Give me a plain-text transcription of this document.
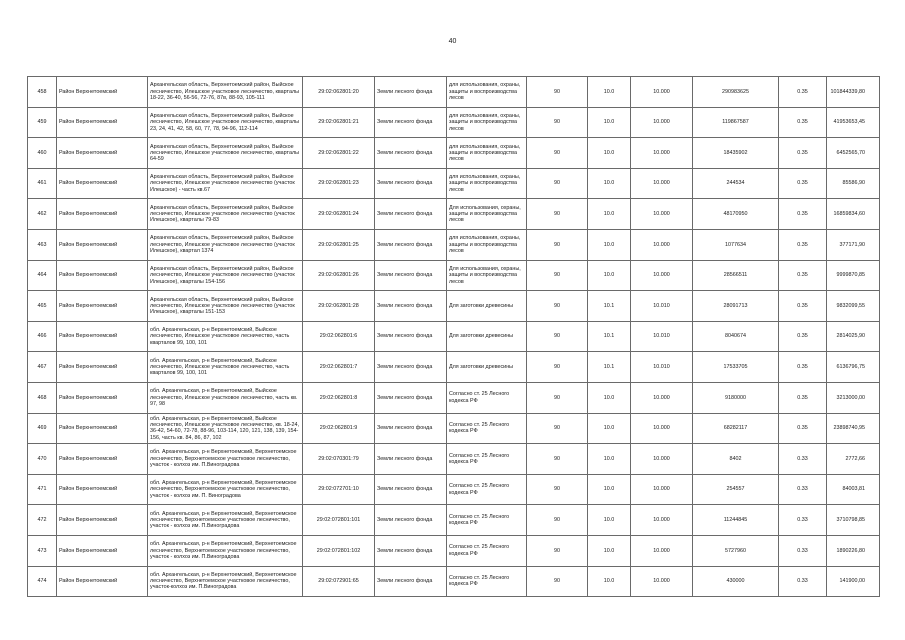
40
458	Район Верхнетоемский	Архангельская область, Верхнетоемский район, Выйское лесничество, Илешское участковое лесничество, кварталы 18-22, 36-40, 56-56, 72-76, 87в, 88-93, 105-111	29:02:062801:20	Земли лесного фонда	для использования, охраны, защиты и воспроизводства лесов	90	10.0	10.000	290983625	0.35	101844339,80
459	Район Верхнетоемский	Архангельская область, Верхнетоемский район, Выйское лесничество, Илешское участковое лесничество, кварталы 23, 24, 41, 42, 58, 60, 77, 78, 94-96, 112-114	29:02:062801:21	Земли лесного фонда	для использования, охраны, защиты и воспроизводства лесов	90	10.0	10.000	119867587	0.35	41953653,45
460	Район Верхнетоемский	Архангельская область, Верхнетоемский район, Выйское лесничество, Илешское участковое лесничество, кварталы 64-59	29:02:062801:22	Земли лесного фонда	для использования, охраны, защиты и воспроизводства лесов	90	10.0	10.000	18435902	0.35	6452565,70
461	Район Верхнетоемский	Архангельская область, Верхнетоемский район, Выйское лесничество, Илешское участковое лесничество (участок Илешское) - часть кв.67	29:02:062801:23	Земли лесного фонда	для использования, охраны, защиты и воспроизводства лесов	90	10.0	10.000	244534	0.35	85586,90
462	Район Верхнетоемский	Архангельская область, Верхнетоемский район, Выйское лесничество, Илешское участковое лесничество (участок Илешское), кварталы 79-83	29:02:062801:24	Земли лесного фонда	Для использования, охраны, защиты и воспроизводства лесов	90	10.0	10.000	48170950	0.35	16859834,60
463	Район Верхнетоемский	Архангельская область, Верхнетоемский район, Выйское лесничество, Илешское участковое лесничество (участок Илешское), квартал 1374	29:02:062801:25	Земли лесного фонда	для использования, охраны, защиты и воспроизводства лесов	90	10.0	10.000	1077634	0.35	377171,90
464	Район Верхнетоемский	Архангельская область, Верхнетоемский район, Выйское лесничество, Илешское участковое лесничество (участок Илешское), кварталы 154-156	29:02:062801:26	Земли лесного фонда	Для использования, охраны, защиты и воспроизводства лесов	90	10.0	10.000	28566511	0.35	9999870,85
465	Район Верхнетоемский	Архангельская область, Верхнетоемский район, Выйское лесничество, Илешское участковое лесничество (участок Илешское), кварталы 151-153	29:02:062801:28	Земли лесного фонда	Для заготовки древесины	90	10.1	10.010	28091713	0.35	9832099,55
466	Район Верхнетоемский	обл. Архангельская, р-н Верхнетоемский, Выйское лесничество, Илешское участковое лесничество, часть кварталов 99, 100, 101	29:02:062801:6	Земли лесного фонда	Для заготовки древесины	90	10.1	10.010	8040674	0.35	2814025,90
467	Район Верхнетоемский	обл. Архангельская, р-н Верхнетоемский, Выйское лесничество, Илешское участковое лесничество, часть кварталов 99, 100, 101	29:02:062801:7	Земли лесного фонда	Для заготовки древесины	90	10.1	10.010	17533705	0.35	6136796,75
468	Район Верхнетоемский	обл. Архангельская, р-н Верхнетоемский, Выйское лесничество, Илешское участковое лесничество, часть кв. 97, 98	29:02:062801:8	Земли лесного фонда	Согласно ст. 25 Лесного кодекса РФ	90	10.0	10.000	9180000	0.35	3213000,00
469	Район Верхнетоемский	обл. Архангельская, р-н Верхнетоемский, Выйское лесничество, Илешское участковое лесничество, кв. 18-24, 36-42, 54-60, 72-78, 88-96, 103-114, 120, 121, 138, 139, 154-156, часть кв. 84, 86, 87, 102	29:02:062801:9	Земли лесного фонда	Согласно ст. 25 Лесного кодекса РФ	90	10.0	10.000	68282117	0.35	23898740,95
470	Район Верхнетоемский	обл. Архангельская, р-н Верхнетоемский, Верхнетоемское лесничество, Верхнетоемское участковое лесничество, участок - колхоз им. П.Виноградова	29:02:070301:79	Земли лесного фонда	Согласно ст. 25 Лесного кодекса РФ	90	10.0	10.000	8402	0.33	2772,66
471	Район Верхнетоемский	обл. Архангельская, р-н Верхнетоемский, Верхнетоемское лесничество, Верхнетоемское участковое лесничество, участок - колхоз им. П. Виноградова	29:02:072701:10	Земли лесного фонда	Согласно ст. 25 Лесного кодекса РФ	90	10.0	10.000	254557	0.33	84003,81
472	Район Верхнетоемский	обл. Архангельская, р-н Верхнетоемский, Верхнетоемское лесничество, Верхнетоемское участковое лесничество, участок - колхоз им. П.Виноградова	29:02:072801:101	Земли лесного фонда	Согласно ст. 25 Лесного кодекса РФ	90	10.0	10.000	11244845	0.33	3710798,85
473	Район Верхнетоемский	обл. Архангельская, р-н Верхнетоемский, Верхнетоемское лесничество, Верхнетоемское участковое лесничество, участок - колхоз им. П.Виноградова	29:02:072801:102	Земли лесного фонда	Согласно ст. 25 Лесного кодекса РФ	90	10.0	10.000	5727960	0.33	1890226,80
474	Район Верхнетоемский	обл. Архангельская, р-н Верхнетоемский, Верхнетоемское лесничество, Верхнетоемское участковое лесничество, участок-колхоз им. П.Виноградова	29:02:072901:65	Земли лесного фонда	Согласно ст. 25 Лесного кодекса РФ	90	10.0	10.000	430000	0.33	141900,00
